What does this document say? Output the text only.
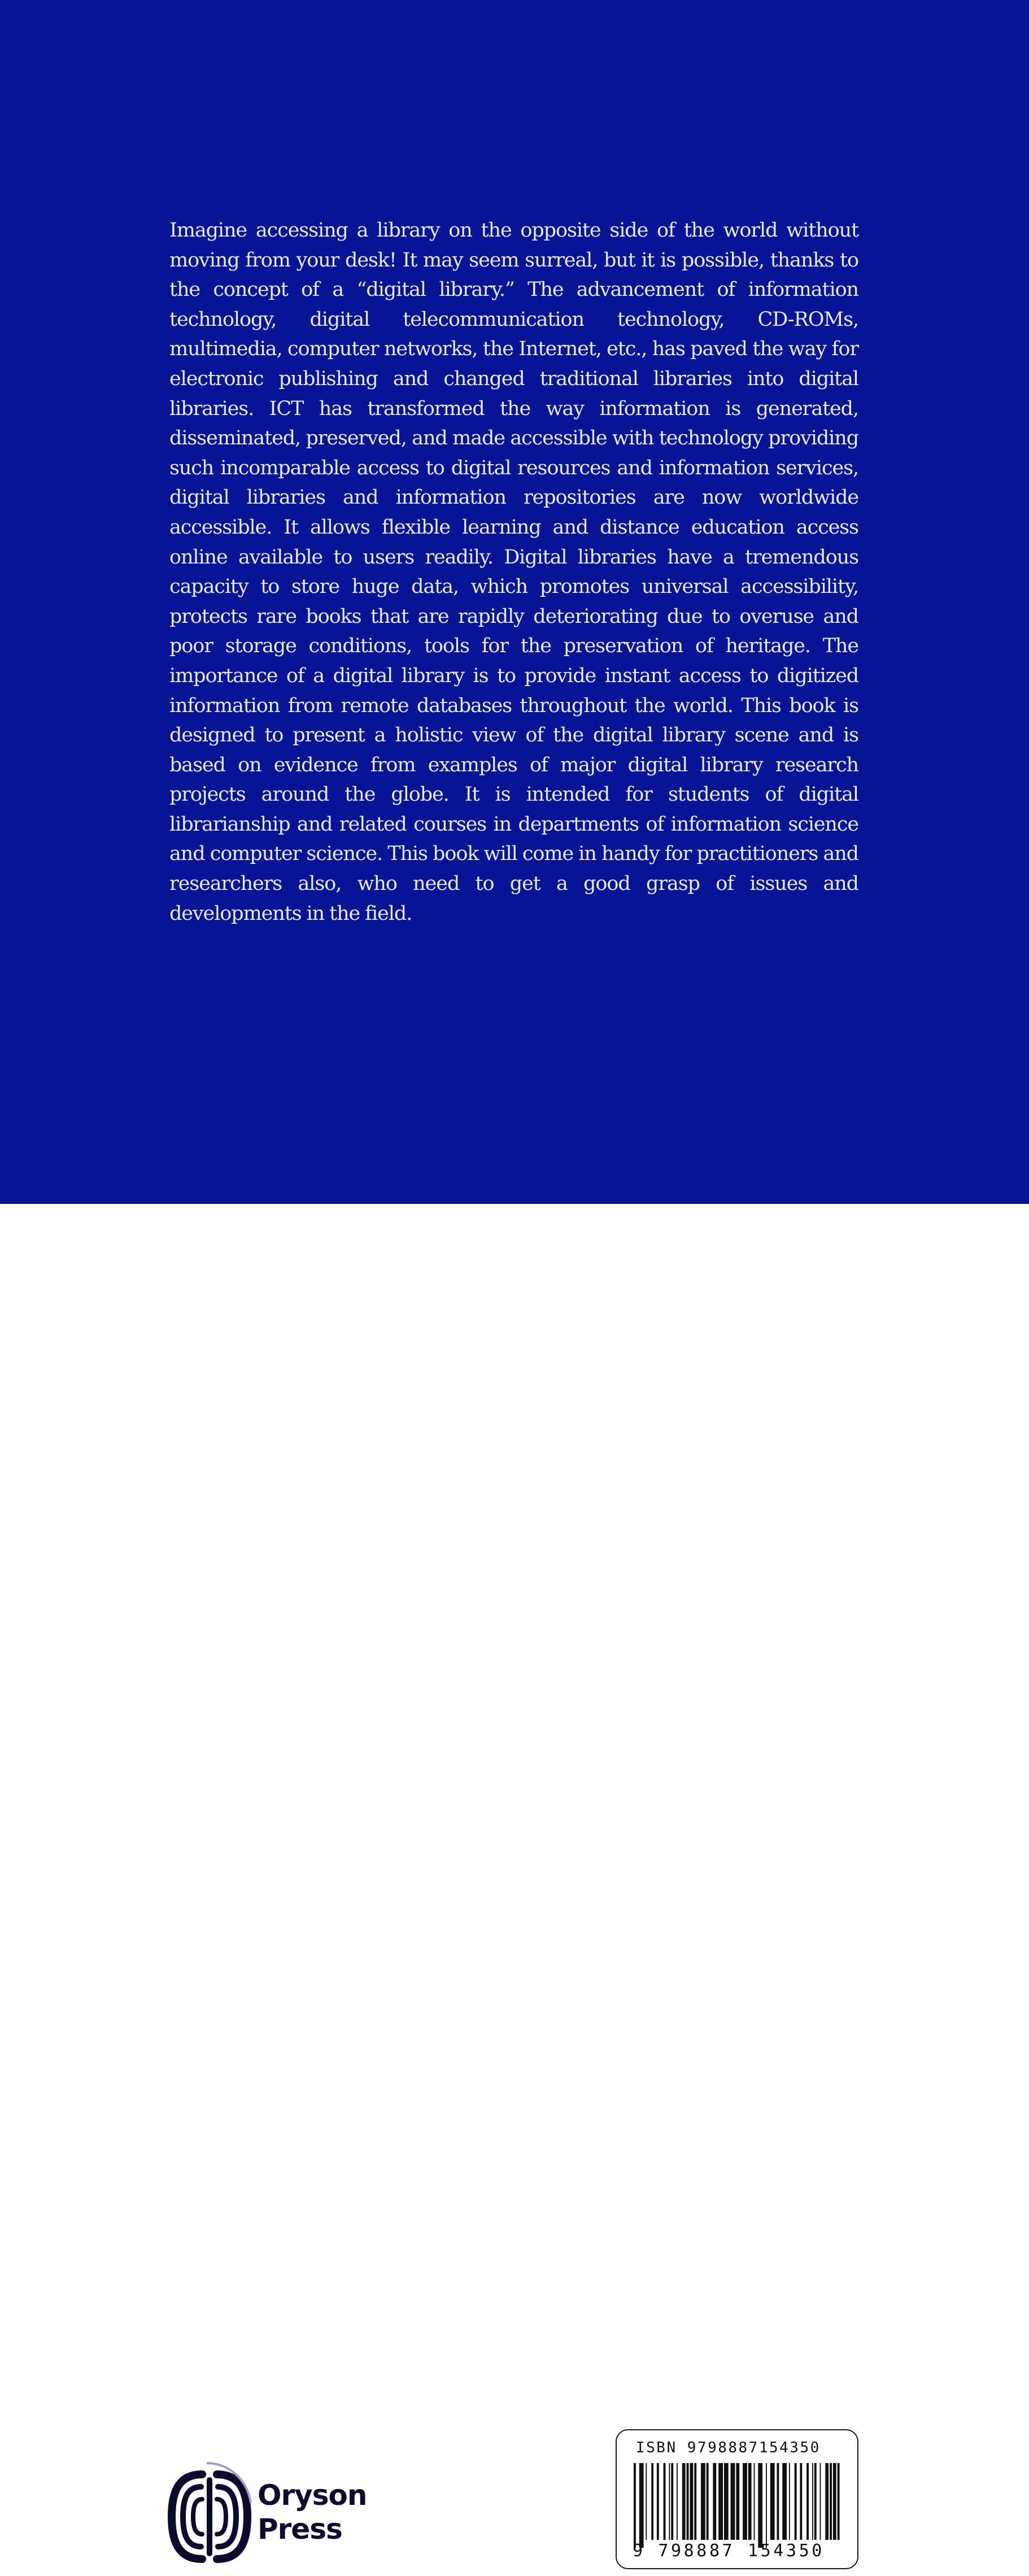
Imagine accessing a library on the opposite side of the world without moving from your desk! It may seem surreal, but it is possible, thanks to the concept of a “digital library.” The advancement of information technology, digital telecommunication technology, CD-ROMs, multimedia, computer networks, the Internet, etc., has paved the way for electronic publishing and changed traditional libraries into digital libraries. ICT has transformed the way information is generated, disseminated, preserved, and made accessible with technology providing such incomparable access to digital resources and information services, digital libraries and information repositories are now worldwide accessible. It allows flexible learning and distance education access online available to users readily. Digital libraries have a tremendous capacity to store huge data, which promotes universal accessibility, protects rare books that are rapidly deteriorating due to overuse and poor storage conditions, tools for the preservation of heritage. The importance of a digital library is to provide instant access to digitized information from remote databases throughout the world. This book is designed to present a holistic view of the digital library scene and is based on evidence from examples of major digital library research projects around the globe. It is intended for students of digital librarianship and related courses in departments of information science and computer science. This book will come in handy for practitioners and researchers also, who need to get a good grasp of issues and developments in the field.

Oryson

Press

ISBN 9798887154350

9 798887 154350
